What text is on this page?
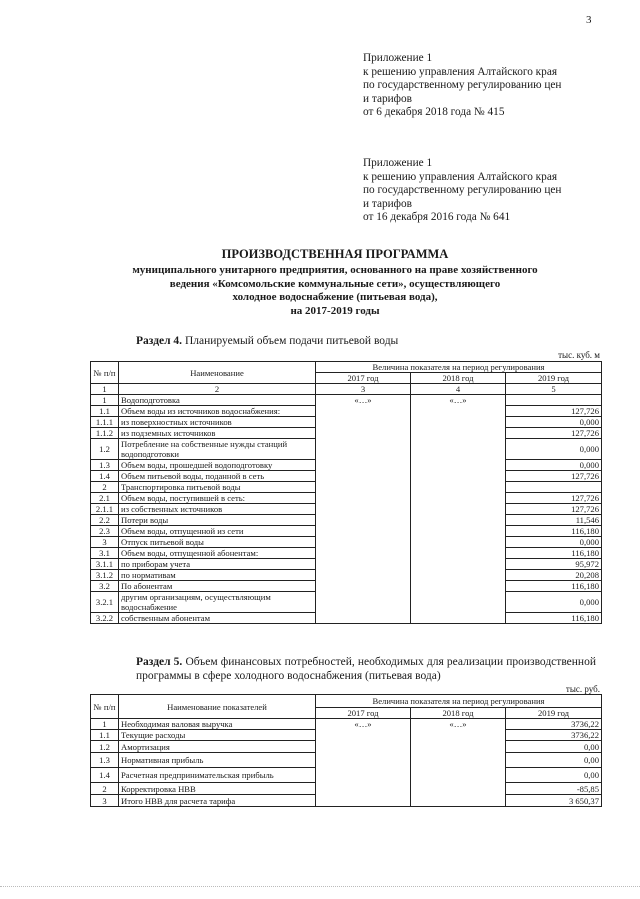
3
Приложение 1
к решению управления Алтайского края
по государственному регулированию цен
и тарифов
от 6 декабря 2018 года № 415
Приложение 1
к решению управления Алтайского края
по государственному регулированию цен
и тарифов
от 16 декабря 2016 года № 641
ПРОИЗВОДСТВЕННАЯ ПРОГРАММА
муниципального унитарного предприятия, основанного на праве хозяйственного
ведения «Комсомольские коммунальные сети», осуществляющего
холодное водоснабжение (питьевая вода),
на 2017-2019 годы
Раздел 4. Планируемый объем подачи питьевой воды
тыс. куб. м
№ п/п	Наименование	Величина показателя на период регулирования		
		2017 год	2018 год	2019 год
1	2	3	4	5
1	Водоподготовка	«…»	«…»	
1.1	Объем воды из источников водоснабжения:			127,726
1.1.1	из поверхностных источников			0,000
1.1.2	из подземных источников			127,726
1.2	Потребление на собственные нужды станций водоподготовки			0,000
1.3	Объем воды, прошедшей водоподготовку			0,000
1.4	Объем питьевой воды, поданной в сеть			127,726
2	Транспортировка питьевой воды			
2.1	Объем воды, поступившей в сеть:			127,726
2.1.1	из собственных источников			127,726
2.2	Потери воды			11,546
2.3	Объем воды, отпущенной из сети			116,180
3	Отпуск питьевой воды			0,000
3.1	Объем воды, отпущенной абонентам:			116,180
3.1.1	по приборам учета			95,972
3.1.2	по нормативам			20,208
3.2	По абонентам			116,180
3.2.1	другим организациям, осуществляющим водоснабжение			0,000
3.2.2	собственным абонентам			116,180
Раздел 5. Объем финансовых потребностей, необходимых для реализации производственной программы в сфере холодного водоснабжения (питьевая вода)
тыс. руб.
№ п/п	Наименование показателей	Величина показателя на период регулирования		
		2017 год	2018 год	2019 год
1	Необходимая валовая выручка	«…»	«…»	3736,22
1.1	Текущие расходы			3736,22
1.2	Амортизация			0,00
1.3	Нормативная прибыль			0,00
1.4	Расчетная предпринимательская прибыль			0,00
2	Корректировка НВВ			-85,85
3	Итого НВВ для расчета тарифа			3 650,37
